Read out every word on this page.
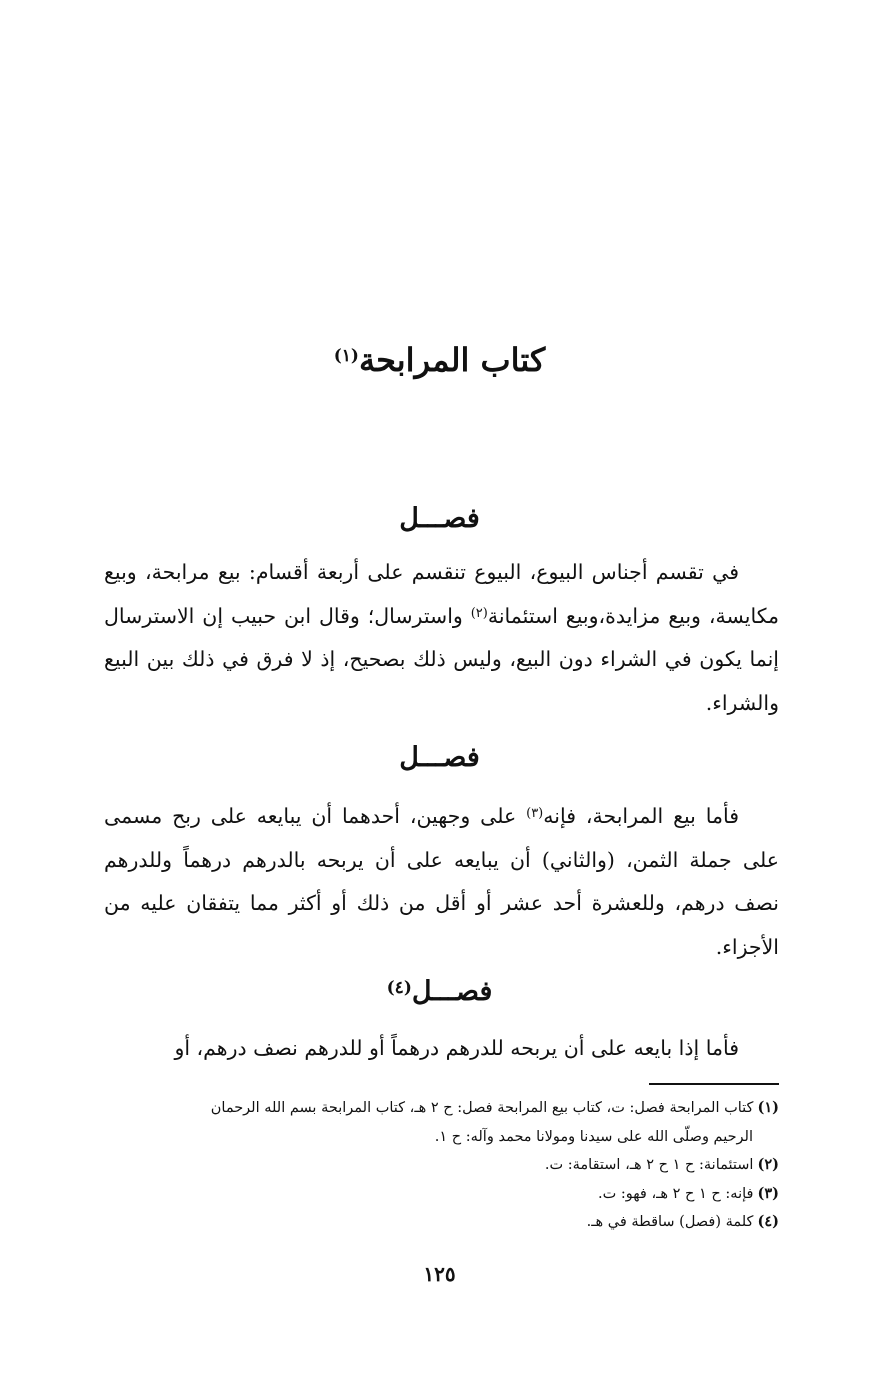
كتاب المرابحة$^{(١)}$
فصـــل

في تقسم أجناس البيوع، البيوع تنقسم على أربعة أقسام: بيع مرابحة، وبيع مكايسة، وبيع مزايدة،وبيع استئمانة$^{(٢)}$ واسترسال؛ وقال ابن حبيب إن الاسترسال إنما يكون في الشراء دون البيع، وليس ذلك بصحيح، إذ لا فرق في ذلك بين البيع والشراء.

فصـــل

فأما بيع المرابحة، فإنه$^{(٣)}$ على وجهين، أحدهما أن يبايعه على ربح مسمى على جملة الثمن، (والثاني) أن يبايعه على أن يربحه بالدرهم درهماً وللدرهم نصف درهم، وللعشرة أحد عشر أو أقل من ذلك أو أكثر مما يتفقان عليه من الأجزاء.

فصـــل$^{(٤)}$

فأما إذا بايعه على أن يربحه للدرهم درهماً أو للدرهم نصف درهم، أو

(١)كتاب المرابحة فصل: ت، كتاب بيع المرابحة فصل: ح ٢ هـ، كتاب المرابحة بسم الله الرحمان
الرحيم وصلّى الله على سيدنا ومولانا محمد وآله: ح ١.
(٢)استئمانة: ح ١ ح ٢ هـ، استقامة: ت.
(٣)فإنه: ح ١ ح ٢ هـ، فهو: ت.
(٤)كلمة (فصل) ساقطة في هـ.
١٢٥
